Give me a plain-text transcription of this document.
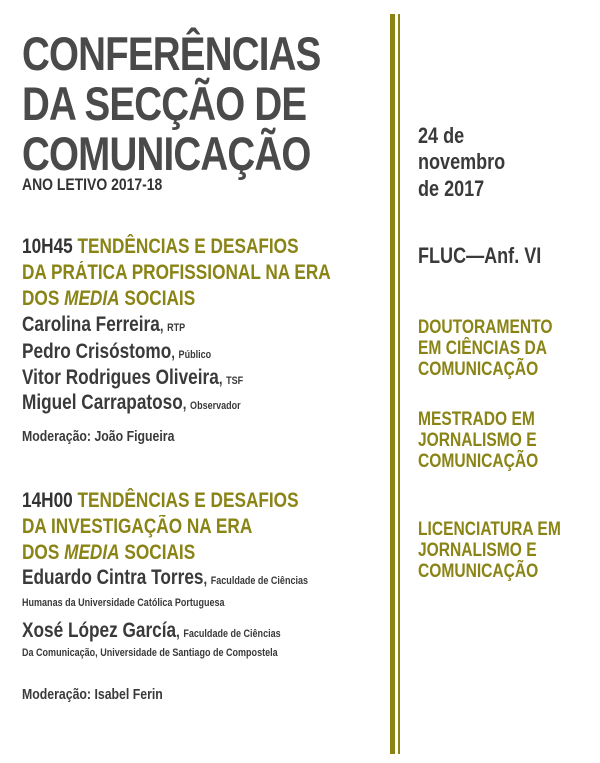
CONFERÊNCIAS
DA SECÇÃO DE
COMUNICAÇÃO
ANO LETIVO 2017-18
10H45 TENDÊNCIAS E DESAFIOS
DA PRÁTICA PROFISSIONAL NA ERA
DOS MEDIA SOCIAIS
Carolina Ferreira, RTP
Pedro Crisóstomo, Público
Vitor Rodrigues Oliveira, TSF
Miguel Carrapatoso, Observador
Moderação: João Figueira
14H00 TENDÊNCIAS E DESAFIOS
DA INVESTIGAÇÃO NA ERA
DOS MEDIA SOCIAIS
Eduardo Cintra Torres, Faculdade de Ciências
Humanas da Universidade Católica Portuguesa
Xosé López García, Faculdade de Ciências
Da Comunicação, Universidade de Santiago de Compostela
Moderação: Isabel Ferin
24 de
novembro
de 2017
FLUC—Anf. VI
DOUTORAMENTO
EM CIÊNCIAS DA
COMUNICAÇÃO
MESTRADO EM
JORNALISMO E
COMUNICAÇÃO
LICENCIATURA EM
JORNALISMO E
COMUNICAÇÃO
